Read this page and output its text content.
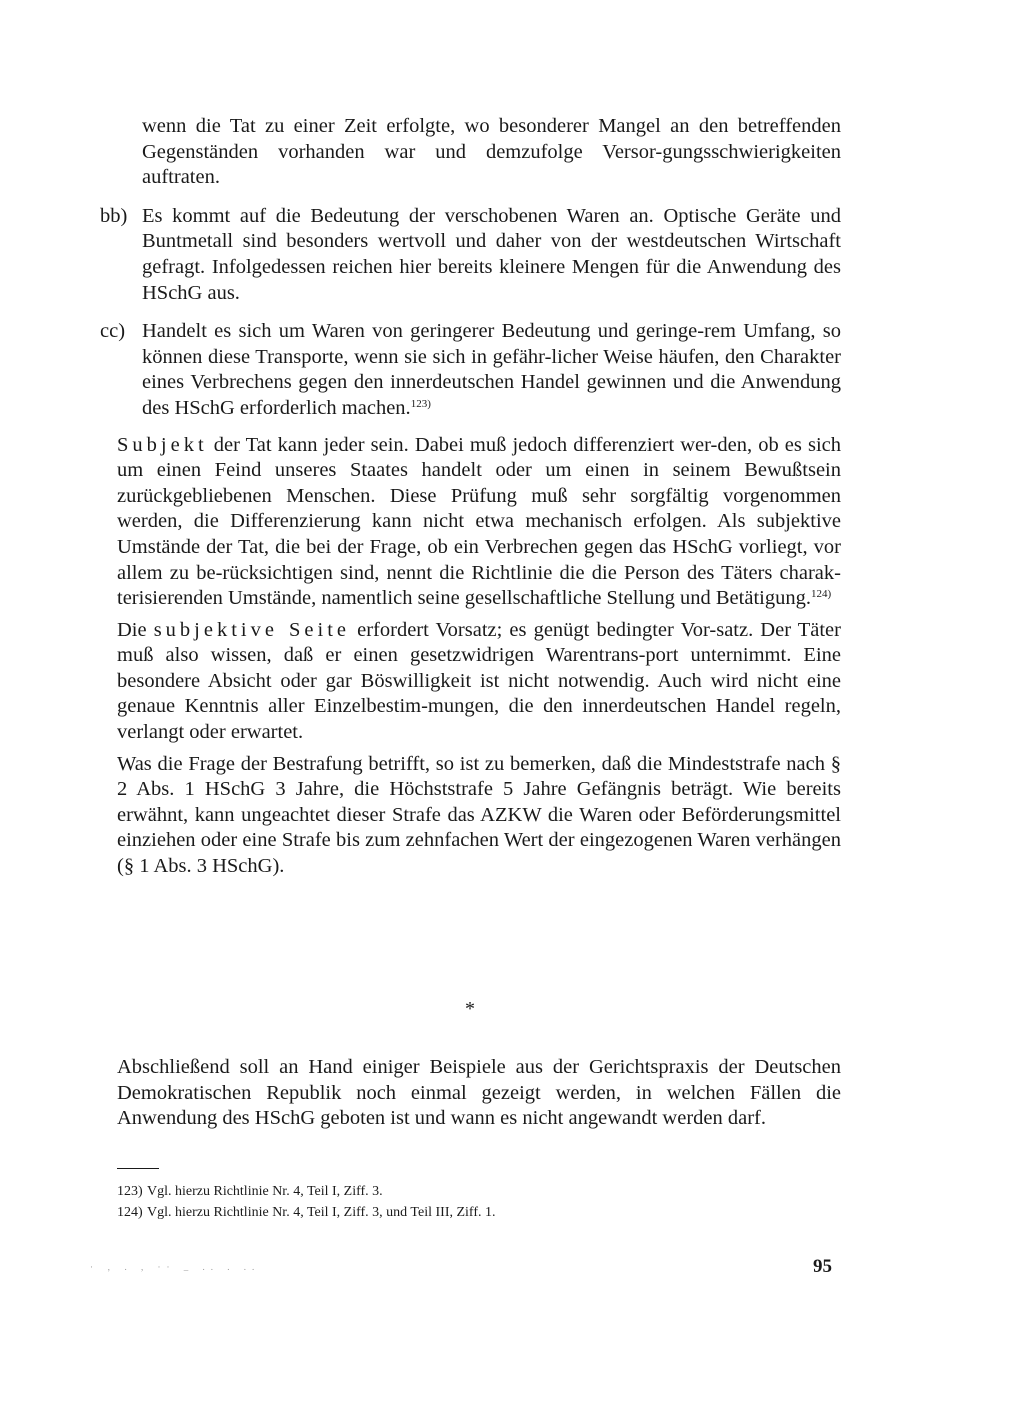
wenn die Tat zu einer Zeit erfolgte, wo besonderer Mangel an den betreffenden Gegenständen vorhanden war und demzufolge Versor-gungsschwierigkeiten auftraten.

bb) Es kommt auf die Bedeutung der verschobenen Waren an. Optische Geräte und Buntmetall sind besonders wertvoll und daher von der westdeutschen Wirtschaft gefragt. Infolgedessen reichen hier bereits kleinere Mengen für die Anwendung des HSchG aus.
cc) Handelt es sich um Waren von geringerer Bedeutung und geringe-rem Umfang, so können diese Transporte, wenn sie sich in gefähr-licher Weise häufen, den Charakter eines Verbrechens gegen den innerdeutschen Handel gewinnen und die Anwendung des HSchG erforderlich machen.$^{123)}$

Subjekt der Tat kann jeder sein. Dabei muß jedoch differenziert wer-den, ob es sich um einen Feind unseres Staates handelt oder um einen in seinem Bewußtsein zurückgebliebenen Menschen. Diese Prüfung muß sehr sorgfältig vorgenommen werden, die Differenzierung kann nicht etwa mechanisch erfolgen. Als subjektive Umstände der Tat, die bei der Frage, ob ein Verbrechen gegen das HSchG vorliegt, vor allem zu be-rücksichtigen sind, nennt die Richtlinie die die Person des Täters charak-terisierenden Umstände, namentlich seine gesellschaftliche Stellung und Betätigung.$^{124)}$

Die subjektive Seite erfordert Vorsatz; es genügt bedingter Vor-satz. Der Täter muß also wissen, daß er einen gesetzwidrigen Warentrans-port unternimmt. Eine besondere Absicht oder gar Böswilligkeit ist nicht notwendig. Auch wird nicht eine genaue Kenntnis aller Einzelbestim-mungen, die den innerdeutschen Handel regeln, verlangt oder erwartet.

Was die Frage der Bestrafung betrifft, so ist zu bemerken, daß die Mindeststrafe nach § 2 Abs. 1 HSchG 3 Jahre, die Höchststrafe 5 Jahre Gefängnis beträgt. Wie bereits erwähnt, kann ungeachtet dieser Strafe das AZKW die Waren oder Beförderungsmittel einziehen oder eine Strafe bis zum zehnfachen Wert der eingezogenen Waren verhängen (§ 1 Abs. 3 HSchG).

*

Abschließend soll an Hand einiger Beispiele aus der Gerichtspraxis der Deutschen Demokratischen Republik noch einmal gezeigt werden, in welchen Fällen die Anwendung des HSchG geboten ist und wann es nicht angewandt werden darf.

123) Vgl. hierzu Richtlinie Nr. 4, Teil I, Ziff. 3.
124) Vgl. hierzu Richtlinie Nr. 4, Teil I, Ziff. 3, und Teil III, Ziff. 1.
· ‚ . , ·· _ .. . ..	95
